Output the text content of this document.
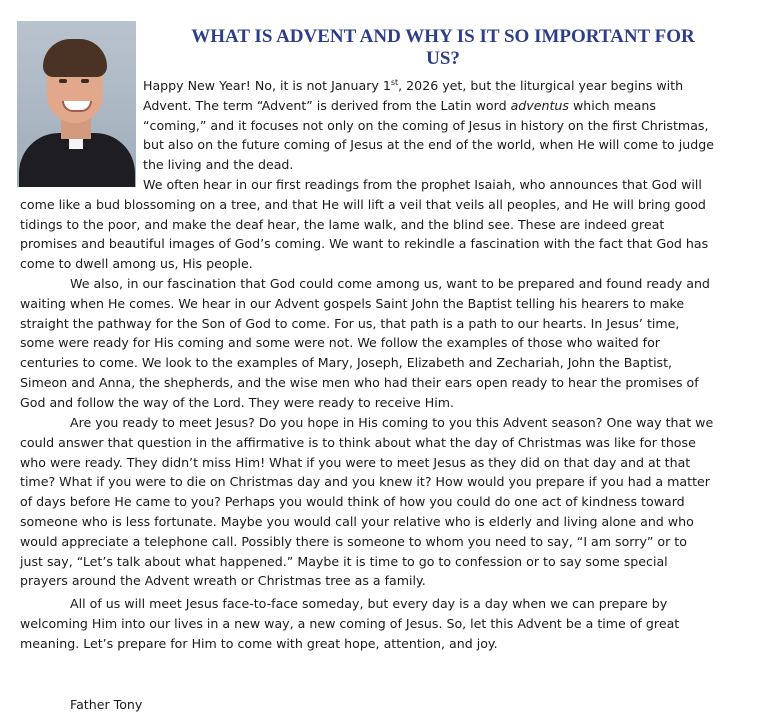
WHAT IS ADVENT AND WHY IS IT SO IMPORTANT FOR
US?
Happy New Year! No, it is not January 1st, 2026 yet, but the liturgical year begins with
Advent. The term “Advent” is derived from the Latin word adventus which means
“coming,” and it focuses not only on the coming of Jesus in history on the first Christmas,
but also on the future coming of Jesus at the end of the world, when He will come to judge
the living and the dead.
We often hear in our first readings from the prophet Isaiah, who announces that God will
come like a bud blossoming on a tree, and that He will lift a veil that veils all peoples, and He will bring good
tidings to the poor, and make the deaf hear, the lame walk, and the blind see. These are indeed great
promises and beautiful images of God’s coming. We want to rekindle a fascination with the fact that God has
come to dwell among us, His people.
We also, in our fascination that God could come among us, want to be prepared and found ready and
waiting when He comes. We hear in our Advent gospels Saint John the Baptist telling his hearers to make
straight the pathway for the Son of God to come. For us, that path is a path to our hearts. In Jesus’ time,
some were ready for His coming and some were not. We follow the examples of those who waited for
centuries to come. We look to the examples of Mary, Joseph, Elizabeth and Zechariah, John the Baptist,
Simeon and Anna, the shepherds, and the wise men who had their ears open ready to hear the promises of
God and follow the way of the Lord. They were ready to receive Him.
Are you ready to meet Jesus? Do you hope in His coming to you this Advent season? One way that we
could answer that question in the affirmative is to think about what the day of Christmas was like for those
who were ready. They didn’t miss Him! What if you were to meet Jesus as they did on that day and at that
time? What if you were to die on Christmas day and you knew it? How would you prepare if you had a matter
of days before He came to you? Perhaps you would think of how you could do one act of kindness toward
someone who is less fortunate. Maybe you would call your relative who is elderly and living alone and who
would appreciate a telephone call. Possibly there is someone to whom you need to say, “I am sorry” or to
just say, “Let’s talk about what happened.” Maybe it is time to go to confession or to say some special
prayers around the Advent wreath or Christmas tree as a family.
All of us will meet Jesus face-to-face someday, but every day is a day when we can prepare by
welcoming Him into our lives in a new way, a new coming of Jesus. So, let this Advent be a time of great
meaning. Let’s prepare for Him to come with great hope, attention, and joy.

Father Tony
